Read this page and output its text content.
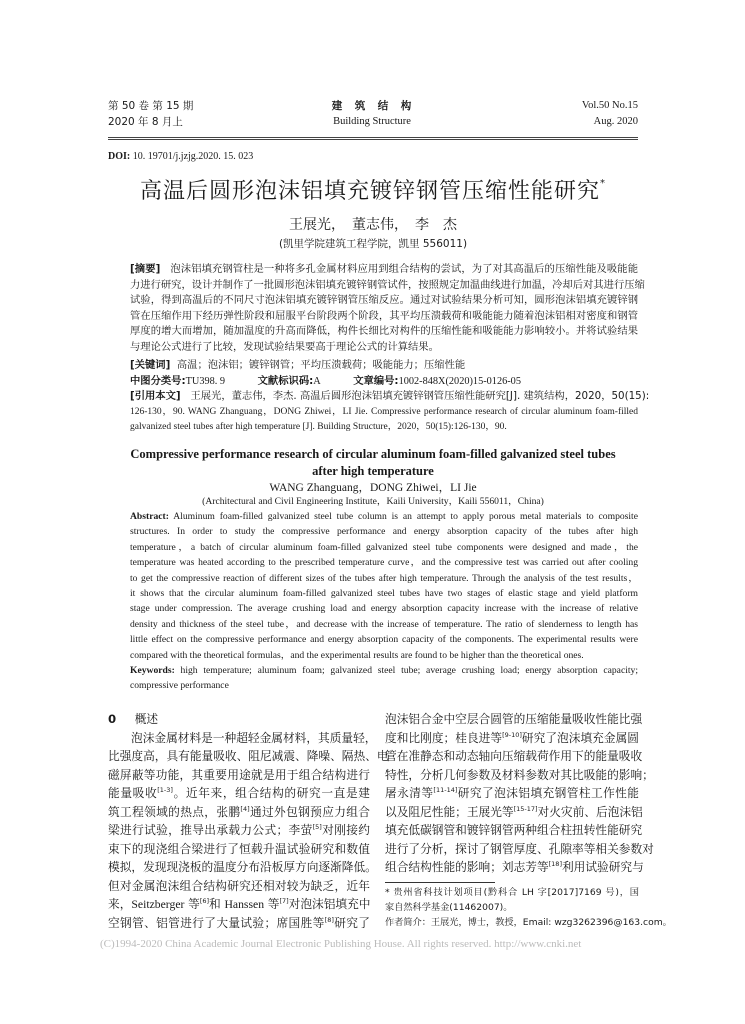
第 50 卷 第 15 期
2020 年 8 月上
建　筑　结　构
Building Structure
Vol.50 No.15
Aug. 2020
DOI: 10. 19701/j.jzjg.2020. 15. 023
高温后圆形泡沫铝填充镀锌钢管压缩性能研究*
王展光，　董志伟，　李　杰
(凯里学院建筑工程学院，凯里 556011)
[摘要] 泡沫铝填充钢管柱是一种将多孔金属材料应用到组合结构的尝试，为了对其高温后的压缩性能及吸能能
力进行研究，设计并制作了一批圆形泡沫铝填充镀锌钢管试件，按照规定加温曲线进行加温，冷却后对其进行压缩
试验，得到高温后的不同尺寸泡沫铝填充镀锌钢管压缩反应。通过对试验结果分析可知，圆形泡沫铝填充镀锌钢
管在压缩作用下经历弹性阶段和屈服平台阶段两个阶段，其平均压溃载荷和吸能能力随着泡沫铝相对密度和钢管
厚度的增大而增加，随加温度的升高而降低，构件长细比对构件的压缩性能和吸能能力影响较小。并将试验结果
与理论公式进行了比较，发现试验结果要高于理论公式的计算结果。
[关键词] 高温；泡沫铝；镀锌钢管；平均压溃载荷；吸能能力；压缩性能
中图分类号:TU398. 9	文献标识码:A	文章编号:1002-848X(2020)15-0126-05
[引用本文] 王展光，董志伟，李杰. 高温后圆形泡沫铝填充镀锌钢管压缩性能研究[J]. 建筑结构，2020，50(15):
126-130，90. WANG Zhanguang，DONG Zhiwei，LI Jie. Compressive performance research of circular aluminum foam-filled
galvanized steel tubes after high temperature [J]. Building Structure，2020，50(15):126-130，90.
Compressive performance research of circular aluminum foam-filled galvanized steel tubes
after high temperature
WANG Zhanguang，DONG Zhiwei，LI Jie
(Architectural and Civil Engineering Institute，Kaili University，Kaili 556011，China)
Abstract: Aluminum foam-filled galvanized steel tube column is an attempt to apply porous metal materials to composite
structures. In order to study the compressive performance and energy absorption capacity of the tubes after high
temperature，a batch of circular aluminum foam-filled galvanized steel tube components were designed and made，the
temperature was heated according to the prescribed temperature curve，and the compressive test was carried out after cooling
to get the compressive reaction of different sizes of the tubes after high temperature. Through the analysis of the test results，
it shows that the circular aluminum foam-filled galvanized steel tubes have two stages of elastic stage and yield platform
stage under compression. The average crushing load and energy absorption capacity increase with the increase of relative
density and thickness of the steel tube，and decrease with the increase of temperature. The ratio of slenderness to length has
little effect on the compressive performance and energy absorption capacity of the components. The experimental results were
compared with the theoretical formulas，and the experimental results are found to be higher than the theoretical ones.
Keywords: high temperature; aluminum foam; galvanized steel tube; average crushing load; energy absorption capacity;
compressive performance
0 概述
泡沫金属材料是一种超轻金属材料，其质量轻，
比强度高，具有能量吸收、阻尼减震、降噪、隔热、电
磁屏蔽等功能，其重要用途就是用于组合结构进行
能量吸收[1-3]。近年来，组合结构的研究一直是建
筑工程领域的热点，张鹏[4]通过外包钢预应力组合
梁进行试验，推导出承载力公式；李萤[5]对刚接约
束下的现浇组合梁进行了恒载升温试验研究和数值
模拟，发现现浇板的温度分布沿板厚方向逐渐降低。
但对金属泡沫组合结构研究还相对较为缺乏，近年
来，Seitzberger 等[6]和 Hanssen 等[7]对泡沫铝填充中
空钢管、铝管进行了大量试验；席国胜等[8]研究了
泡沫铝合金中空层合圆管的压缩能量吸收性能比强
度和比刚度；桂良进等[9-10]研究了泡沫填充金属圆
管在准静态和动态轴向压缩载荷作用下的能量吸收
特性，分析几何参数及材料参数对其比吸能的影响；
屠永清等[11-14]研究了泡沫铝填充钢管柱工作性能
以及阻尼性能；王展光等[15-17]对火灾前、后泡沫铝
填充低碳钢管和镀锌钢管两种组合柱扭转性能研究
进行了分析，探讨了钢管厚度、孔隙率等相关参数对
组合结构性能的影响；刘志芳等[18]利用试验研究与
* 贵州省科技计划项目(黔科合 LH 字[2017]7169 号)，国
家自然科学基金(11462007)。
作者简介：王展光，博士，教授，Email: wzg3262396@163.com。
(C)1994-2020 China Academic Journal Electronic Publishing House. All rights reserved. http://www.cnki.net
